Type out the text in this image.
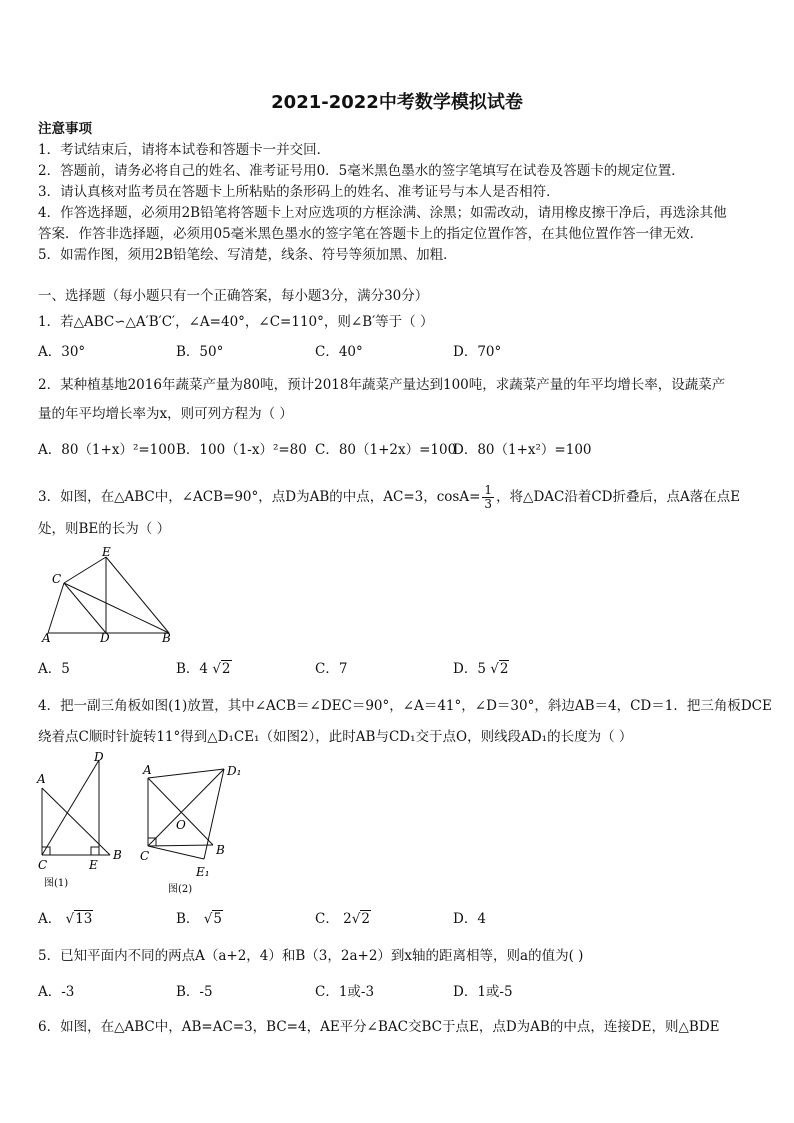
2021-2022中考数学模拟试卷
注意事项
1．考试结束后，请将本试卷和答题卡一并交回．
2．答题前，请务必将自己的姓名、准考证号用0．5毫米黑色墨水的签字笔填写在试卷及答题卡的规定位置．
3．请认真核对监考员在答题卡上所粘贴的条形码上的姓名、准考证号与本人是否相符．
4．作答选择题，必须用2B铅笔将答题卡上对应选项的方框涂满、涂黑；如需改动，请用橡皮擦干净后，再选涂其他
答案．作答非选择题，必须用05毫米黑色墨水的签字笔在答题卡上的指定位置作答，在其他位置作答一律无效．
5．如需作图，须用2B铅笔绘、写清楚，线条、符号等须加黑、加粗．
一、选择题（每小题只有一个正确答案，每小题3分，满分30分）
1．若△ABC∽△A′B′C′，∠A=40°，∠C=110°，则∠B′等于（ ）
A．30°	B．50°	C．40°	D．70°
2．某种植基地2016年蔬菜产量为80吨，预计2018年蔬菜产量达到100吨，求蔬菜产量的年平均增长率，设蔬菜产
量的年平均增长率为x，则可列方程为（ ）
A．80（1+x）²=100 B．100（1-x）²=80 C．80（1+2x）=100
D．80（1+x²）=100
3．如图，在△ABC中，∠ACB=90°，点D为AB的中点，AC=3，$\cos A= \frac{1}{3}$ ，将△DAC沿着CD折叠后，点A落在点E
处，则BE的长为（ ）
E
C
A	D	B
A．5	B．4 √2	C．7	D．5 √2
4．把一副三角板如图(1)放置，其中∠ACB＝∠DEC＝90°，∠A＝41°，∠D＝30°，斜边AB＝4，CD＝1．把三角板DCE
绕着点C顺时针旋转11°得到△D₁CE₁（如图2），此时AB与CD₁交于点O，则线段AD₁的长度为（ ）
A
D
C	E
B
图(1)
A	D₁
O
C	B
E₁
图(2)
A． √13	B． √5	C． 2√2	D．4
5．已知平面内不同的两点A（a+2，4）和B（3，2a+2）到x轴的距离相等，则a的值为( )
A．-3	B．-5	C．1或-3	D．1或-5
6．如图，在△ABC中，AB=AC=3，BC=4，AE平分∠BAC交BC于点E，点D为AB的中点，连接DE，则△BDE
